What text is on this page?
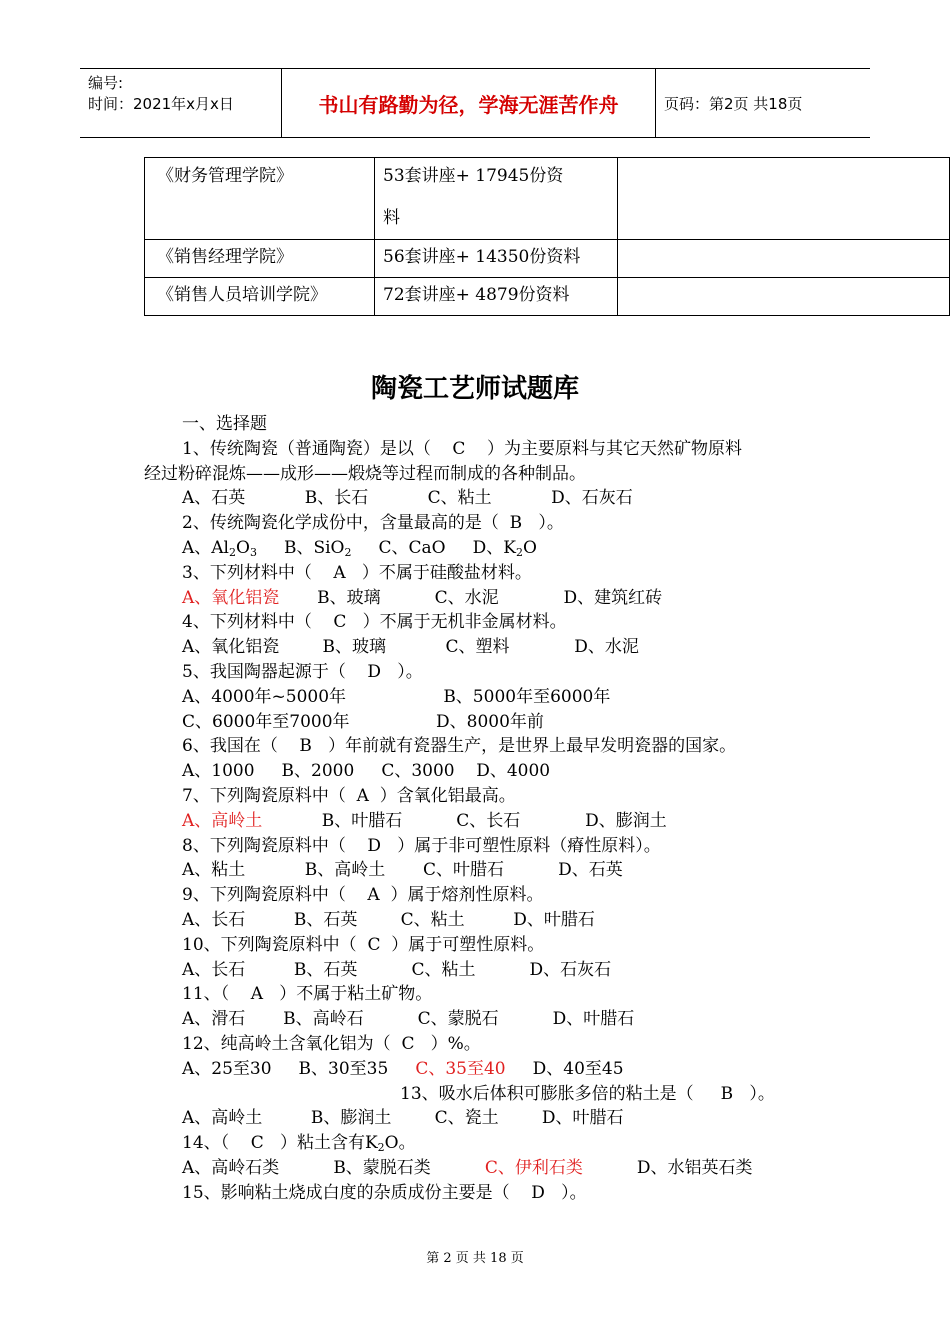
编号:
时间：2021年x月x日	书山有路勤为径，学海无涯苦作舟	页码：第2页 共18页
《财务管理学院》	53套讲座+ 17945份资
料	

《销售经理学院》	56套讲座+ 14350份资料	
《销售人员培训学院》	72套讲座+ 4879份资料	
陶瓷工艺师试题库
一、选择题
1、传统陶瓷（普通陶瓷）是以（    C    ）为主要原料与其它天然矿物原料
经过粉碎混炼——成形——煅烧等过程而制成的各种制品。
A、石英           B、长石           C、粘土           D、石灰石
2、传统陶瓷化学成份中，含量最高的是（  B   ）。
A、$Al_2O_3$     B、SiO$_2$     C、CaO     D、$K_2O$
3、下列材料中（    A   ）不属于硅酸盐材料。
A、氧化铝瓷       B、玻璃          C、水泥            D、建筑红砖
4、下列材料中（    C   ）不属于无机非金属材料。
A、氧化铝瓷        B、玻璃           C、塑料            D、水泥
5、我国陶器起源于（    D   ）。
A、4000年~5000年                  B、5000年至6000年
C、6000年至7000年                D、8000年前
6、我国在（    B   ）年前就有瓷器生产，是世界上最早发明瓷器的国家。
A、1000     B、2000     C、3000    D、4000
7、下列陶瓷原料中（  A  ）含氧化铝最高。
A、高岭土           B、叶腊石          C、长石            D、膨润土
8、下列陶瓷原料中（    D   ）属于非可塑性原料（瘠性原料）。
A、粘土           B、高岭土       C、叶腊石          D、石英
9、下列陶瓷原料中（    A  ）属于熔剂性原料。
A、长石         B、石英        C、粘土         D、叶腊石
10、下列陶瓷原料中（  C  ）属于可塑性原料。
A、长石         B、石英          C、粘土          D、石灰石
11、（    A   ）不属于粘土矿物。
A、滑石       B、高岭石          C、蒙脱石          D、叶腊石
12、纯高岭土含氧化铝为（  C   ）%。
A、25至30     B、30至35     C、35至40     D、40至45
13、吸水后体积可膨胀多倍的粘土是（     B   ）。
A、高岭土         B、膨润土        C、瓷土        D、叶腊石
14、（    C   ）粘土含有$K_2O$。
A、高岭石类          B、蒙脱石类          C、伊利石类          D、水铝英石类
15、影响粘土烧成白度的杂质成份主要是（    D   ）。
第 2 页 共 18 页
